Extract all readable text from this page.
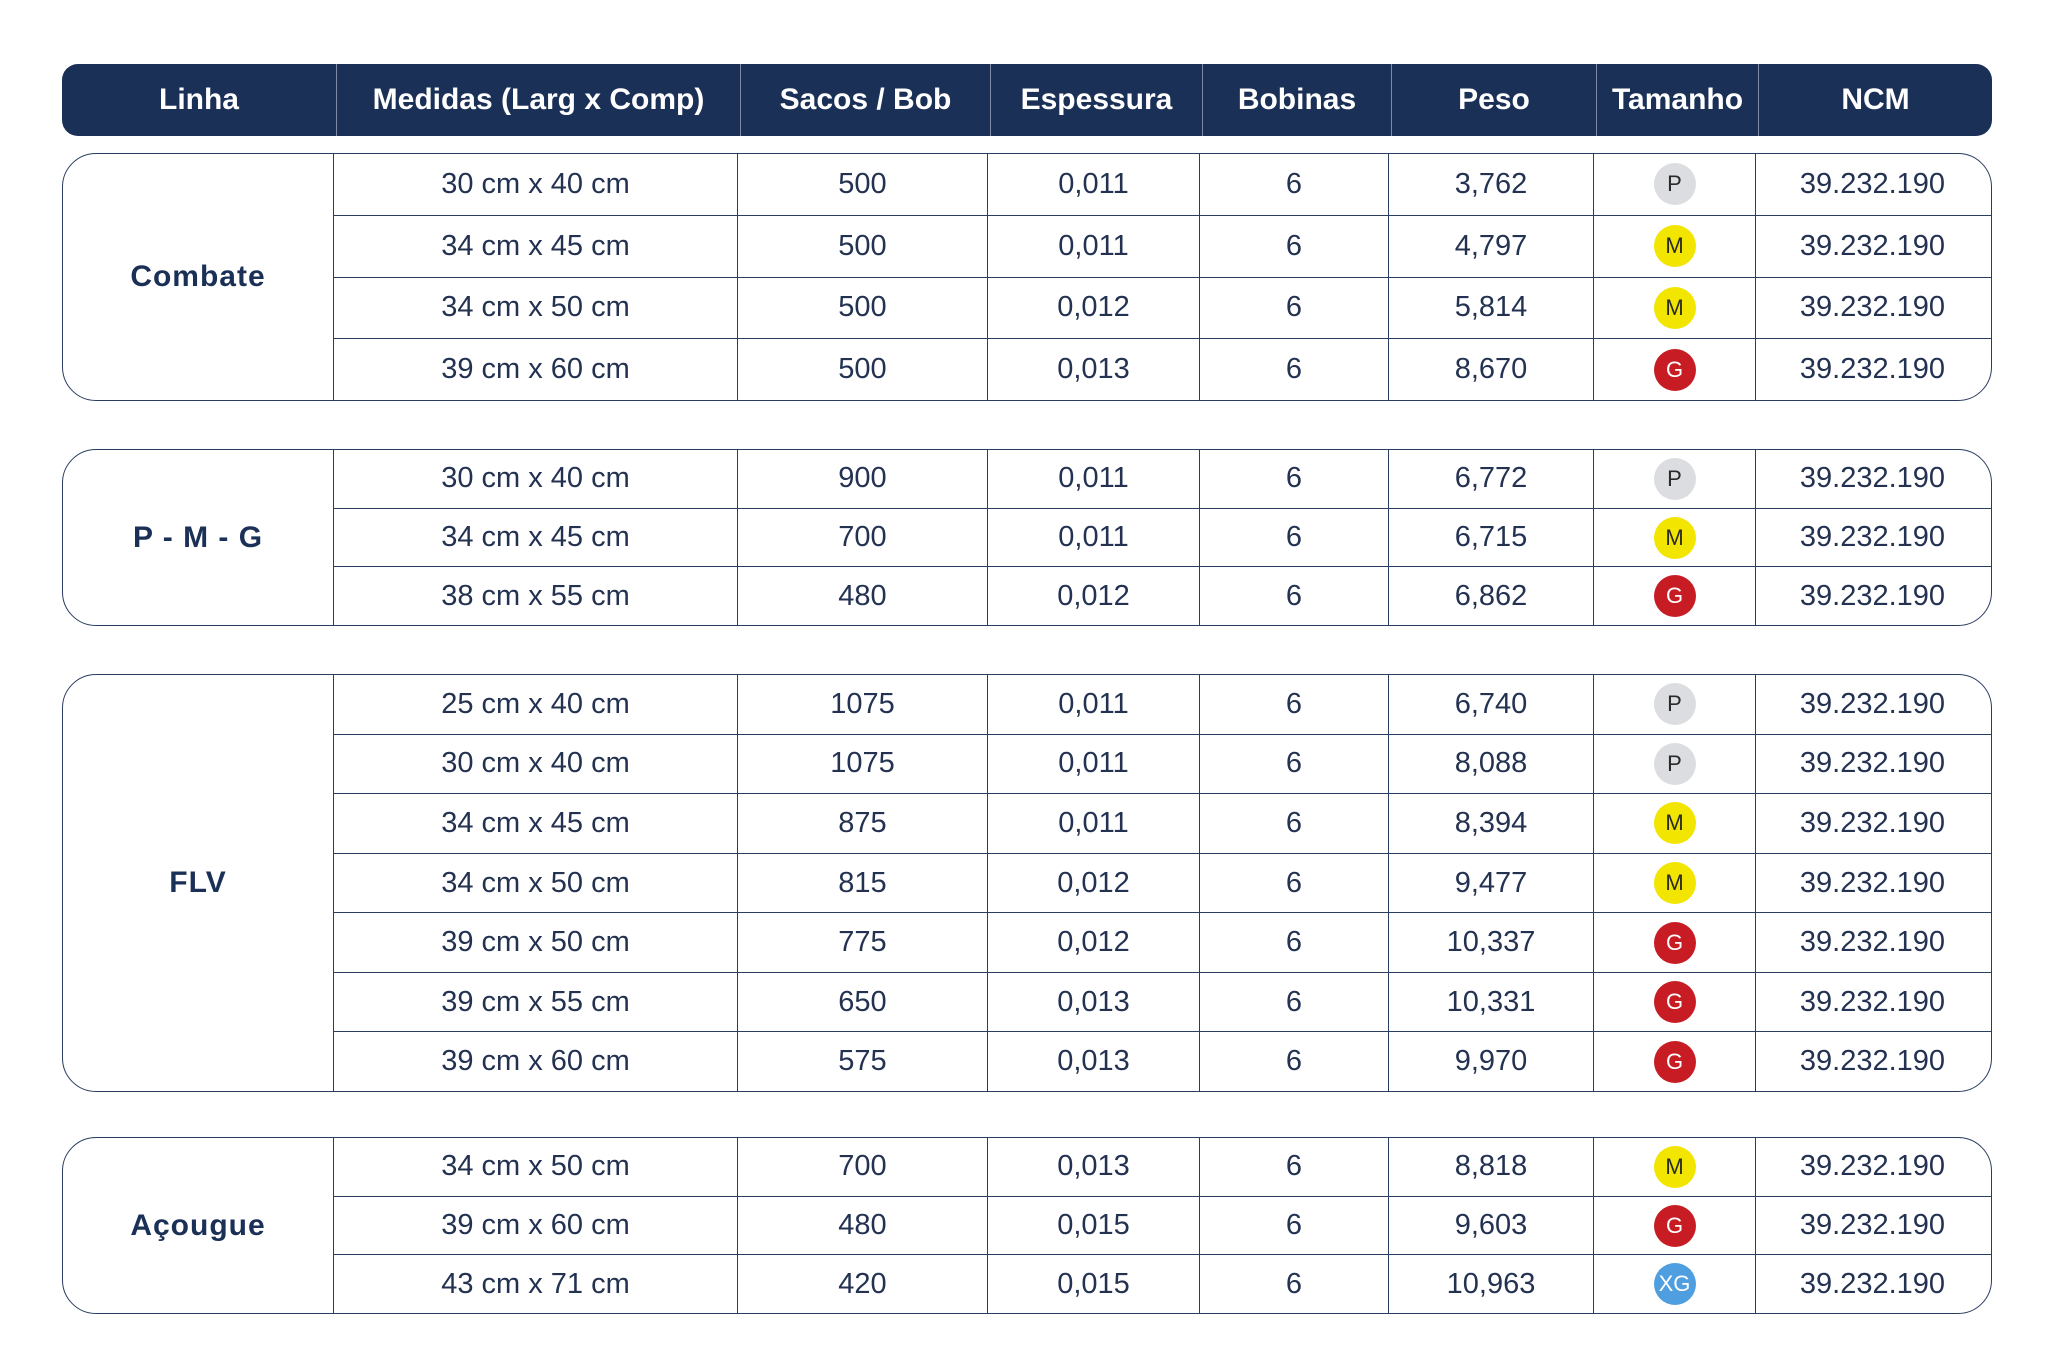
Linha	Medidas (Larg x Comp)	Sacos / Bob	Espessura	Bobinas	Peso	Tamanho	NCM
Combate
30 cm x 40 cm	500	0,011	6	3,762	P	39.232.190
34 cm x 45 cm	500	0,011	6	4,797	M	39.232.190
34 cm x 50 cm	500	0,012	6	5,814	M	39.232.190
39 cm x 60 cm	500	0,013	6	8,670	G	39.232.190
P - M - G
30 cm x 40 cm	900	0,011	6	6,772	P	39.232.190
34 cm x 45 cm	700	0,011	6	6,715	M	39.232.190
38 cm x 55 cm	480	0,012	6	6,862	G	39.232.190
FLV
25 cm x 40 cm	1075	0,011	6	6,740	P	39.232.190
30 cm x 40 cm	1075	0,011	6	8,088	P	39.232.190
34 cm x 45 cm	875	0,011	6	8,394	M	39.232.190
34 cm x 50 cm	815	0,012	6	9,477	M	39.232.190
39 cm x 50 cm	775	0,012	6	10,337	G	39.232.190
39 cm x 55 cm	650	0,013	6	10,331	G	39.232.190
39 cm x 60 cm	575	0,013	6	9,970	G	39.232.190
Açougue
34 cm x 50 cm	700	0,013	6	8,818	M	39.232.190
39 cm x 60 cm	480	0,015	6	9,603	G	39.232.190
43 cm x 71 cm	420	0,015	6	10,963	XG	39.232.190
